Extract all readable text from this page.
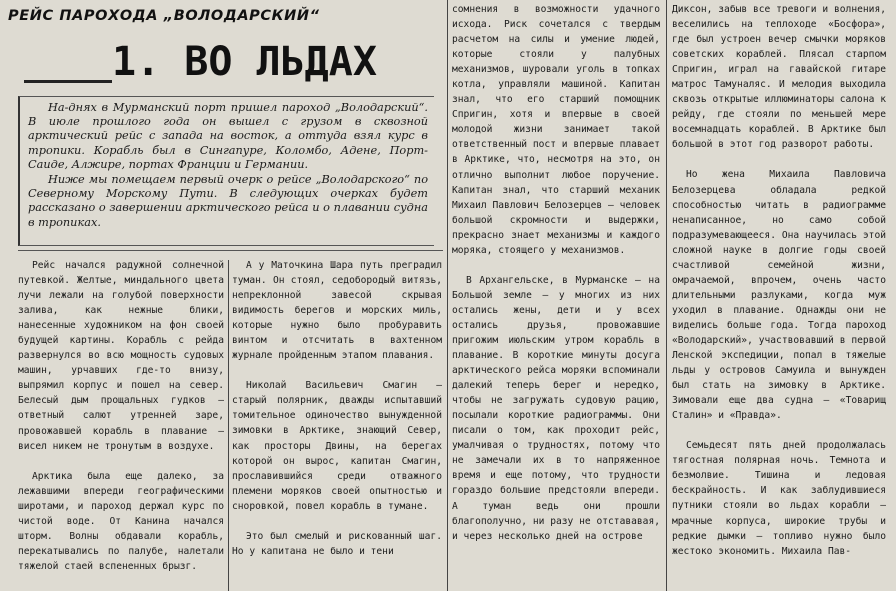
РЕЙС ПАРОХОДА „ВОЛОДАРСКИЙ“
1. ВО ЛЬДАХ

На-днях в Мурманский порт пришел пароход „Володарский“. В июле прошлого года он вышел с грузом в сквозной арктический рейс с запада на восток, а оттуда взял курс в тропики. Корабль был в Сингапуре, Коломбо, Адене, Порт-Саиде, Алжире, портах Франции и Германии.

Ниже мы помещаем первый очерк о рейсе „Володарского“ по Северному Морскому Пути. В следующих очерках будет рассказано о завершении арктического рейса и о плавании судна в тропиках.

Рейс начался радужной солнечной путевкой. Желтые, миндального цвета лучи лежали на голубой поверхности залива, как нежные блики, нанесенные художником на фон своей будущей картины. Корабль с рейда развернулся во всю мощность судовых машин, урчавших где-то внизу, выпрямил корпус и пошел на север. Белесый дым прощальных гудков — ответный салют утренней заре, провожавшей корабль в плавание — висел никем не тронутым в воздухе.

Арктика была еще далеко, за лежавшими впереди географическими широтами, и пароход держал курс по чистой воде. От Канина начался шторм. Волны обдавали корабль, перекатывались по палубе, налетали тяжелой стаей вспененных брызг.

А у Маточкина Шара путь преградил туман. Он стоял, седобородый витязь, непреклонной завесой скрывая видимость берегов и морских миль, которые нужно было пробуравить винтом и отсчитать в вахтенном журнале пройденным этапом плавания.

Николай Васильевич Смагин — старый полярник, дважды испытавший томительное одиночество вынужденной зимовки в Арктике, знающий Север, как просторы Двины, на берегах которой он вырос, капитан Смагин, прославившийся среди отважного племени моряков своей опытностью и сноровкой, повел корабль в тумане.

Это был смелый и рискованный шаг. Но у капитана не было и тени

сомнения в возможности удачного исхода. Риск сочетался с твердым расчетом на силы и умение людей, которые стояли у палубных механизмов, шуровали уголь в топках котла, управляли машиной. Капитан знал, что его старший помощник Спригин, хотя и впервые в своей молодой жизни занимает такой ответственный пост и впервые плавает в Арктике, что, несмотря на это, он отлично выполнит любое поручение. Капитан знал, что старший механик Михаил Павлович Белозерцев — человек большой скромности и выдержки, прекрасно знает механизмы и каждого моряка, стоящего у механизмов.

В Архангельске, в Мурманске — на Большой земле — у многих из них остались жены, дети и у всех остались друзья, провожавшие пригожим июльским утром корабль в плавание. В короткие минуты досуга арктического рейса моряки вспоминали далекий теперь берег и нередко, чтобы не загружать судовую рацию, посылали короткие радиограммы. Они писали о том, как проходит рейс, умалчивая о трудностях, потому что не замечали их в то напряженное время и еще потому, что трудности гораздо большие предстояли впереди. А туман ведь они прошли благополучно, ни разу не отстававая, и через несколько дней на острове

Диксон, забыв все тревоги и волнения, веселились на теплоходе «Босфора», где был устроен вечер смычки моряков советских кораблей. Плясал старпом Спригин, играл на гавайской гитаре матрос Тамуналяс. И мелодия выходила сквозь открытые иллюминаторы салона к рейду, где стояли по меньшей мере восемнадцать кораблей. В Арктике был большой в этот год разворот работы.

Но жена Михаила Павловича Белозерцева обладала редкой способностью читать в радиограмме ненаписанное, но само собой подразумевающееся. Она научилась этой сложной науке в долгие годы своей счастливой семейной жизни, омрачаемой, впрочем, очень часто длительными разлуками, когда муж уходил в плавание. Однажды они не виделись больше года. Тогда пароход «Володарский», участвовавший в первой Ленской экспедиции, попал в тяжелые льды у островов Самуила и вынужден был стать на зимовку в Арктике. Зимовали еще два судна — «Товарищ Сталин» и «Правда».

Семьдесят пять дней продолжалась тягостная полярная ночь. Темнота и безмолвие. Тишина и ледовая бескрайность. И как заблудившиеся путники стояли во льдах корабли — мрачные корпуса, широкие трубы и редкие дымки — топливо нужно было жестоко экономить. Михаила Пав-
